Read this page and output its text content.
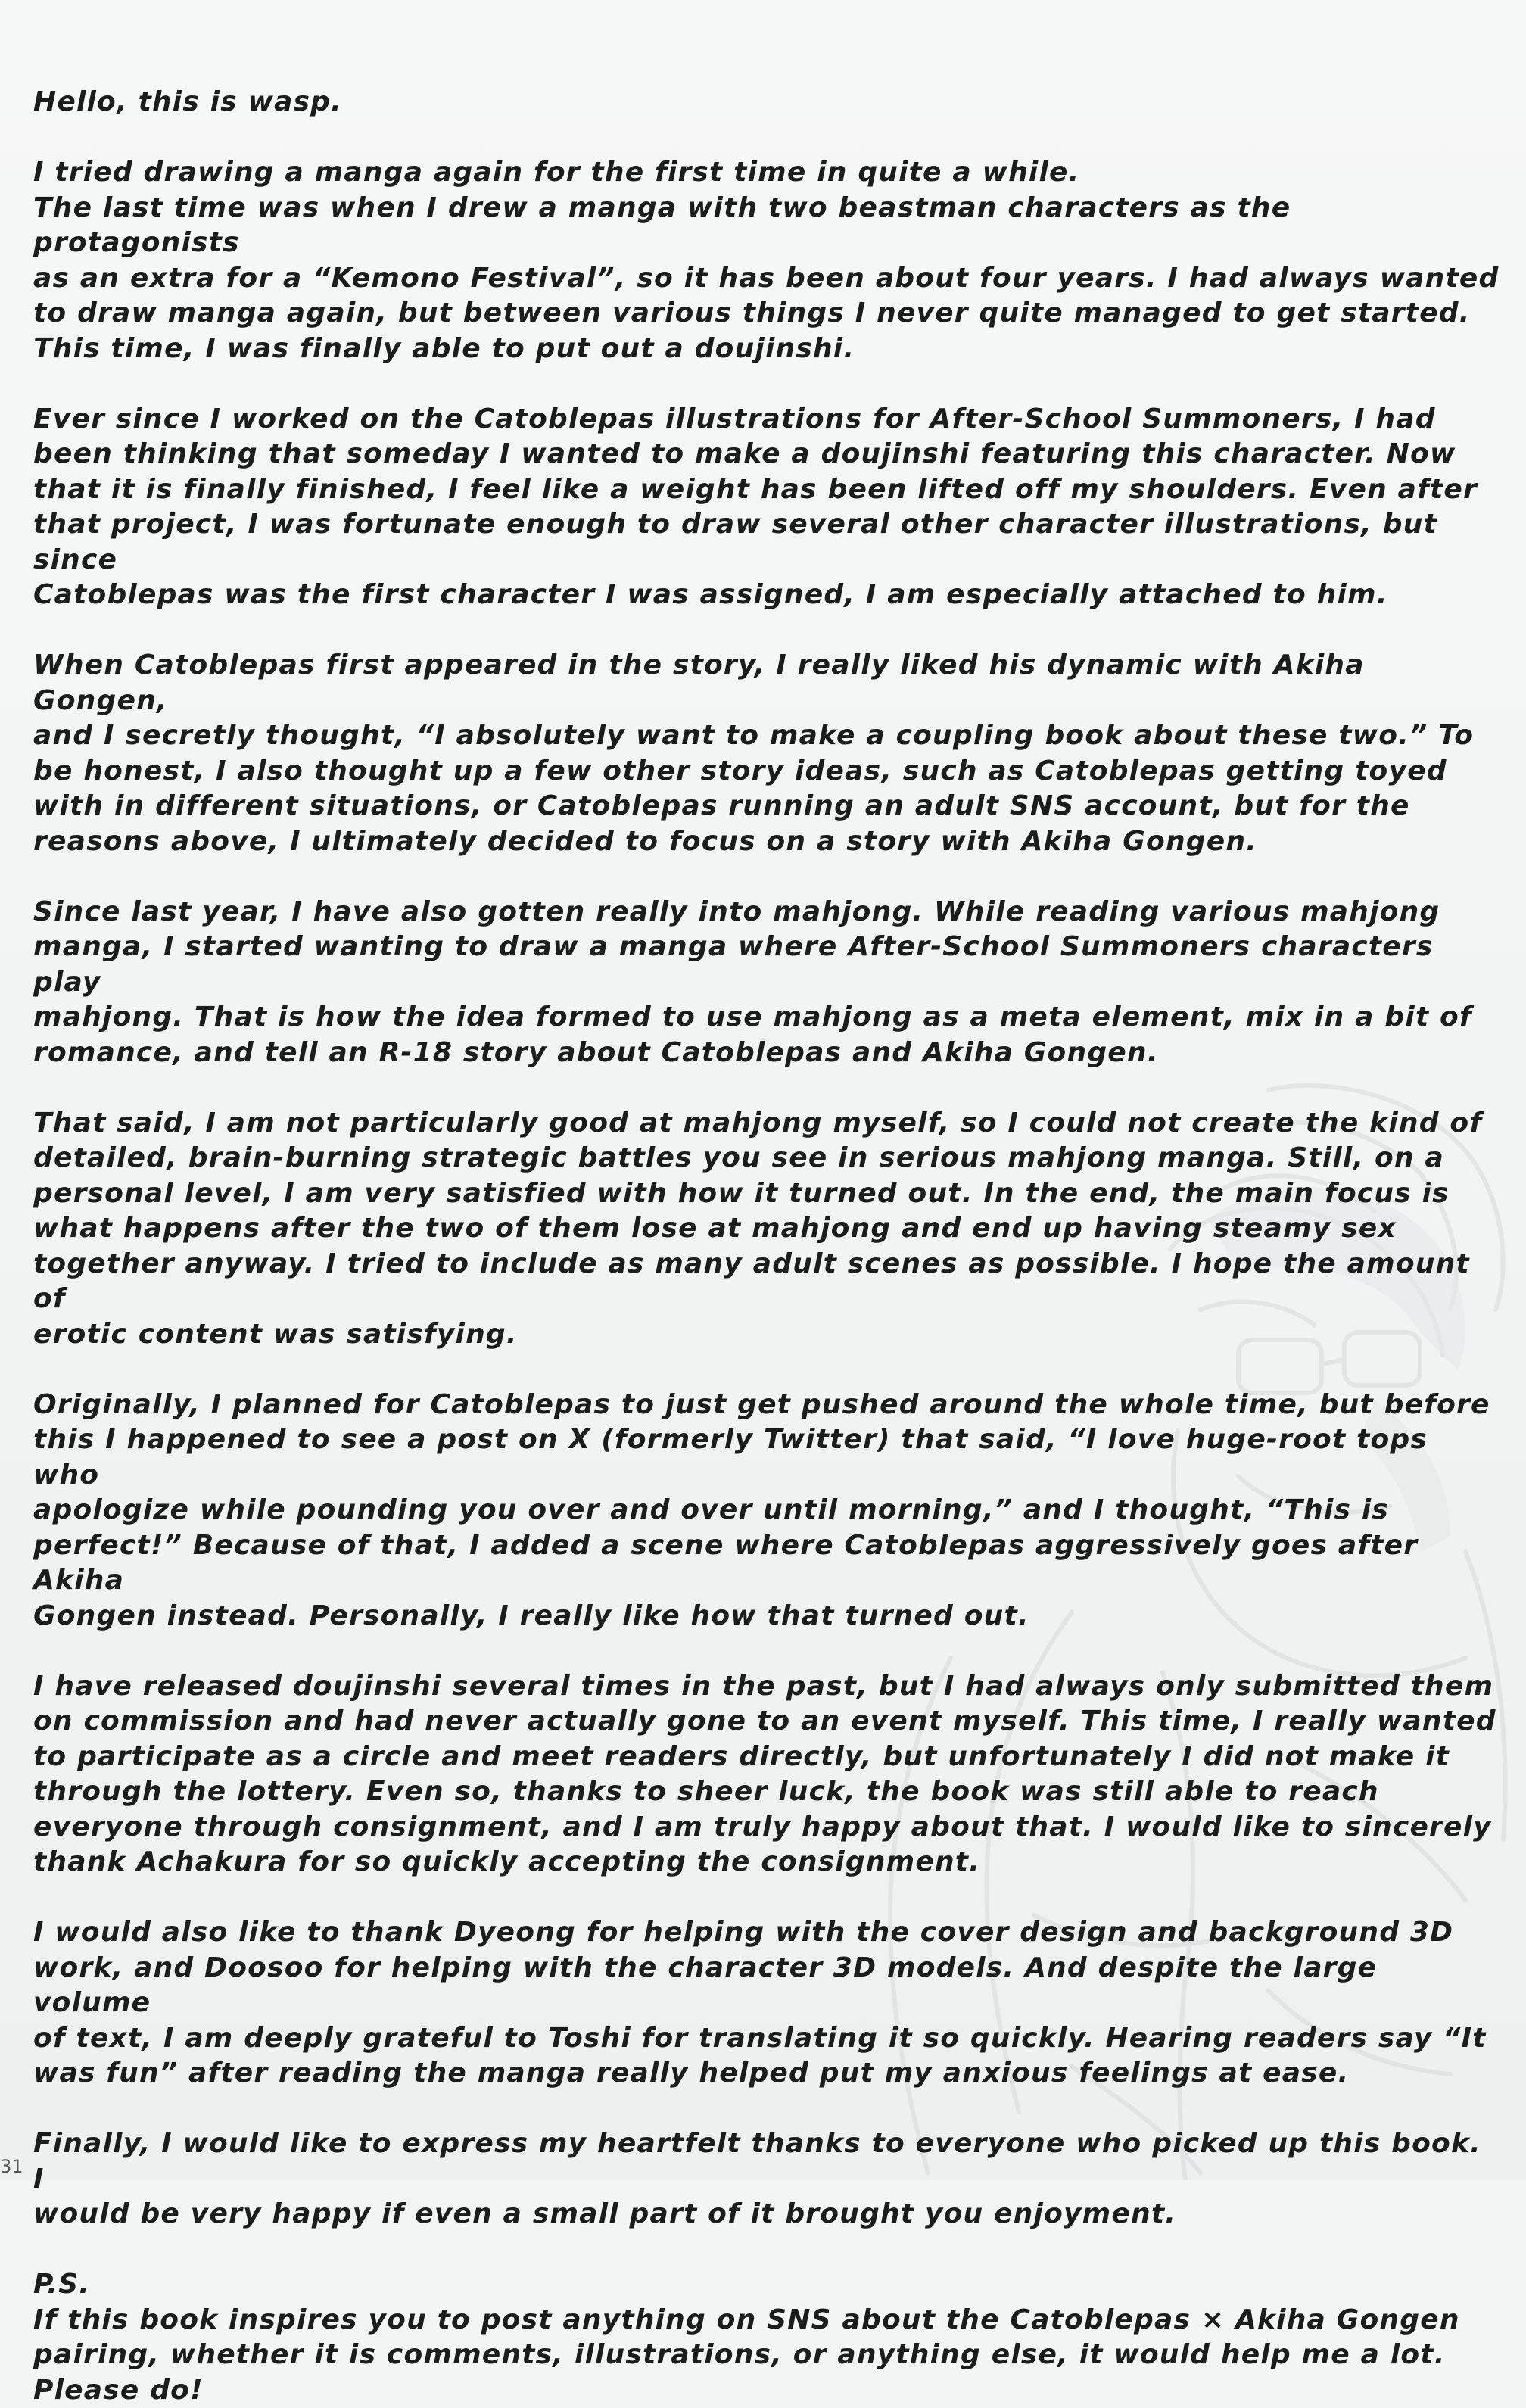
Hello, this is wasp.

I tried drawing a manga again for the first time in quite a while.
The last time was when I drew a manga with two beastman characters as the protagonists
as an extra for a “Kemono Festival”, so it has been about four years. I had always wanted
to draw manga again, but between various things I never quite managed to get started.
This time, I was finally able to put out a doujinshi.

Ever since I worked on the Catoblepas illustrations for After-School Summoners, I had
been thinking that someday I wanted to make a doujinshi featuring this character. Now
that it is finally finished, I feel like a weight has been lifted off my shoulders. Even after
that project, I was fortunate enough to draw several other character illustrations, but since
Catoblepas was the first character I was assigned, I am especially attached to him.

When Catoblepas first appeared in the story, I really liked his dynamic with Akiha Gongen,
and I secretly thought, “I absolutely want to make a coupling book about these two.” To
be honest, I also thought up a few other story ideas, such as Catoblepas getting toyed
with in different situations, or Catoblepas running an adult SNS account, but for the
reasons above, I ultimately decided to focus on a story with Akiha Gongen.

Since last year, I have also gotten really into mahjong. While reading various mahjong
manga, I started wanting to draw a manga where After-School Summoners characters play
mahjong. That is how the idea formed to use mahjong as a meta element, mix in a bit of
romance, and tell an R-18 story about Catoblepas and Akiha Gongen.

That said, I am not particularly good at mahjong myself, so I could not create the kind of
detailed, brain-burning strategic battles you see in serious mahjong manga. Still, on a
personal level, I am very satisfied with how it turned out. In the end, the main focus is
what happens after the two of them lose at mahjong and end up having steamy sex
together anyway. I tried to include as many adult scenes as possible. I hope the amount of
erotic content was satisfying.

Originally, I planned for Catoblepas to just get pushed around the whole time, but before
this I happened to see a post on X (formerly Twitter) that said, “I love huge-root tops who
apologize while pounding you over and over until morning,” and I thought, “This is
perfect!” Because of that, I added a scene where Catoblepas aggressively goes after Akiha
Gongen instead. Personally, I really like how that turned out.

I have released doujinshi several times in the past, but I had always only submitted them
on commission and had never actually gone to an event myself. This time, I really wanted
to participate as a circle and meet readers directly, but unfortunately I did not make it
through the lottery. Even so, thanks to sheer luck, the book was still able to reach
everyone through consignment, and I am truly happy about that. I would like to sincerely
thank Achakura for so quickly accepting the consignment.

I would also like to thank Dyeong for helping with the cover design and background 3D
work, and Doosoo for helping with the character 3D models. And despite the large volume
of text, I am deeply grateful to Toshi for translating it so quickly. Hearing readers say “It
was fun” after reading the manga really helped put my anxious feelings at ease.

Finally, I would like to express my heartfelt thanks to everyone who picked up this book. I
would be very happy if even a small part of it brought you enjoyment.

P.S.
If this book inspires you to post anything on SNS about the Catoblepas × Akiha Gongen
pairing, whether it is comments, illustrations, or anything else, it would help me a lot.
Please do!

31
